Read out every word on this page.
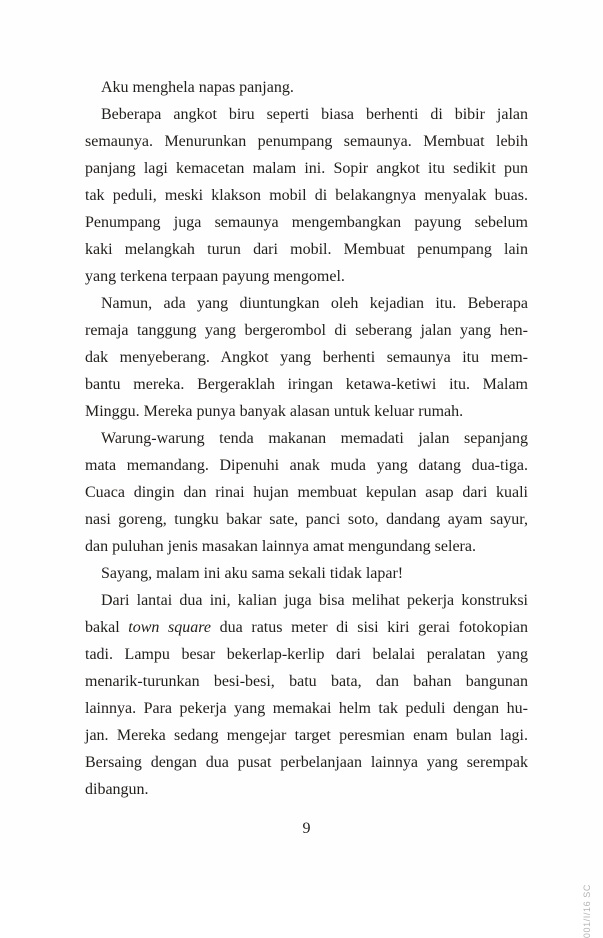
Aku menghela napas panjang.
Beberapa angkot biru seperti biasa berhenti di bibir jalan
semaunya. Menurunkan penumpang semaunya. Membuat lebih
panjang lagi kemacetan malam ini. Sopir angkot itu sedikit pun
tak peduli, meski klakson mobil di belakangnya menyalak buas.
Penumpang juga semaunya mengembangkan payung sebelum
kaki melangkah turun dari mobil. Membuat penumpang lain
yang terkena terpaan payung mengomel.
Namun, ada yang diuntungkan oleh kejadian itu. Beberapa
remaja tanggung yang bergerombol di seberang jalan yang hen-
dak menyeberang. Angkot yang berhenti semaunya itu mem-
bantu mereka. Bergeraklah iringan ketawa-ketiwi itu. Malam
Minggu. Mereka punya banyak alasan untuk keluar rumah.
Warung-warung tenda makanan memadati jalan sepanjang
mata memandang. Dipenuhi anak muda yang datang dua-tiga.
Cuaca dingin dan rinai hujan membuat kepulan asap dari kuali
nasi goreng, tungku bakar sate, panci soto, dandang ayam sayur,
dan puluhan jenis masakan lainnya amat mengundang selera.
Sayang, malam ini aku sama sekali tidak lapar!
Dari lantai dua ini, kalian juga bisa melihat pekerja konstruksi
bakal town square dua ratus meter di sisi kiri gerai fotokopian
tadi. Lampu besar bekerlap-kerlip dari belalai peralatan yang
menarik-turunkan besi-besi, batu bata, dan bahan bangunan
lainnya. Para pekerja yang memakai helm tak peduli dengan hu-
jan. Mereka sedang mengejar target peresmian enam bulan lagi.
Bersaing dengan dua pusat perbelanjaan lainnya yang serempak
dibangun.
9
001/I/16 SC
